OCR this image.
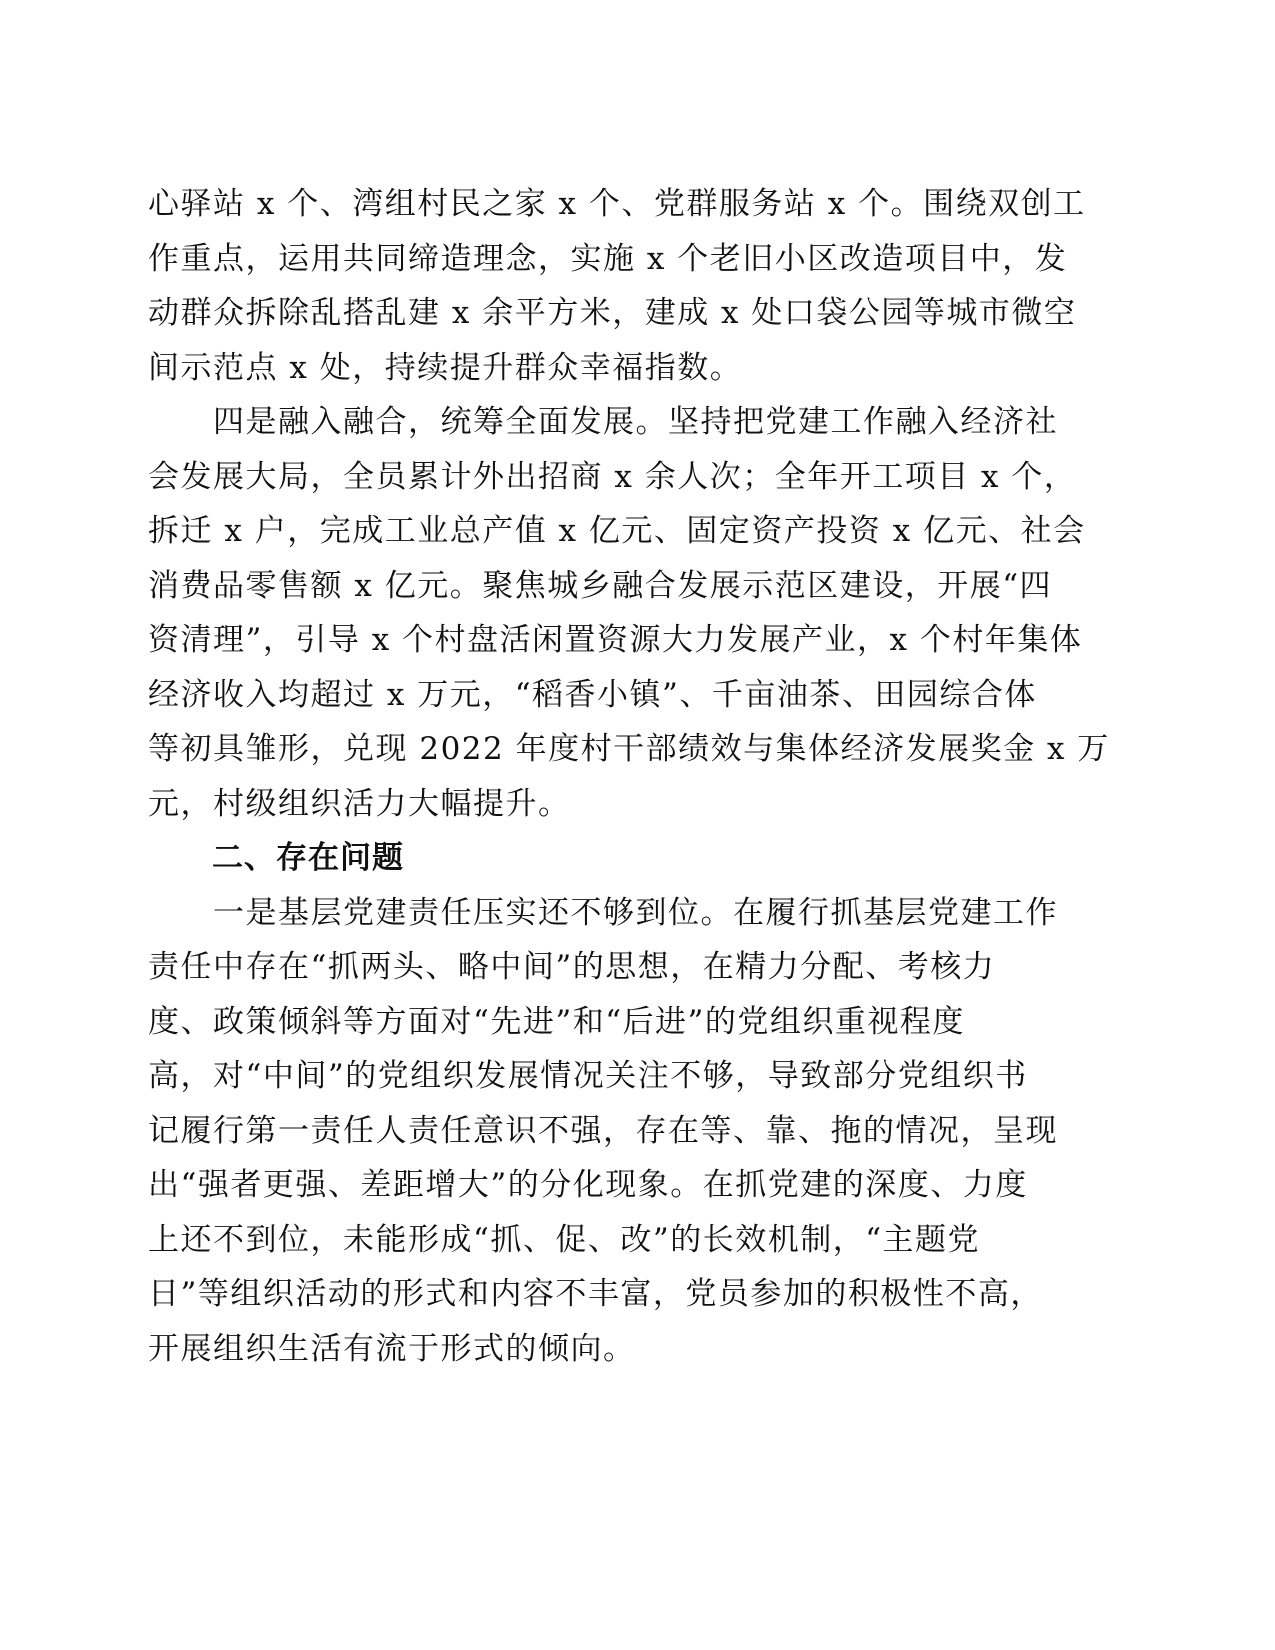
心驿站 x 个、湾组村民之家 x 个、党群服务站 x 个。围绕双创工
作重点，运用共同缔造理念，实施 x 个老旧小区改造项目中，发
动群众拆除乱搭乱建 x 余平方米，建成 x 处口袋公园等城市微空
间示范点 x 处，持续提升群众幸福指数。
　　四是融入融合，统筹全面发展。坚持把党建工作融入经济社
会发展大局，全员累计外出招商 x 余人次；全年开工项目 x 个，
拆迁 x 户，完成工业总产值 x 亿元、固定资产投资 x 亿元、社会
消费品零售额 x 亿元。聚焦城乡融合发展示范区建设，开展“四
资清理”，引导 x 个村盘活闲置资源大力发展产业，x 个村年集体
经济收入均超过 x 万元，“稻香小镇”、千亩油茶、田园综合体
等初具雏形，兑现 2022 年度村干部绩效与集体经济发展奖金 x 万
元，村级组织活力大幅提升。
　　二、存在问题
　　一是基层党建责任压实还不够到位。在履行抓基层党建工作
责任中存在“抓两头、略中间”的思想，在精力分配、考核力
度、政策倾斜等方面对“先进”和“后进”的党组织重视程度
高，对“中间”的党组织发展情况关注不够，导致部分党组织书
记履行第一责任人责任意识不强，存在等、靠、拖的情况，呈现
出“强者更强、差距增大”的分化现象。在抓党建的深度、力度
上还不到位，未能形成“抓、促、改”的长效机制，“主题党
日”等组织活动的形式和内容不丰富，党员参加的积极性不高，
开展组织生活有流于形式的倾向。
